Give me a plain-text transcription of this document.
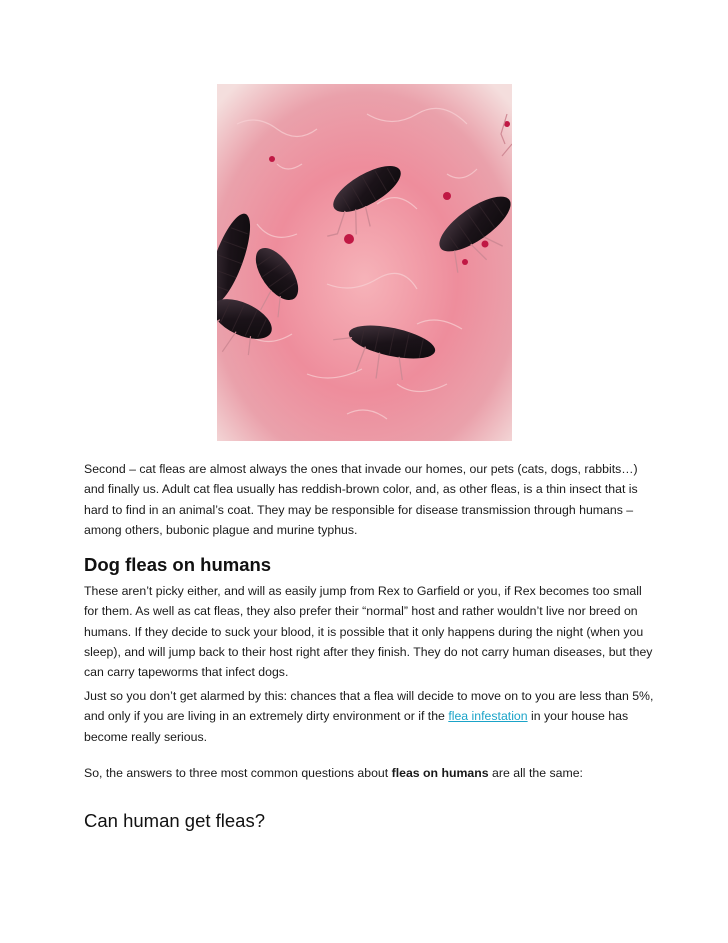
Second – cat fleas are almost always the ones that invade our homes, our pets (cats, dogs, rabbits…) and finally us. Adult cat flea usually has reddish-brown color, and, as other fleas, is a thin insect that is hard to find in an animal’s coat. They may be responsible for disease transmission through humans – among others, bubonic plague and murine typhus.

Dog fleas on humans

These aren’t picky either, and will as easily jump from Rex to Garfield or you, if Rex becomes too small for them. As well as cat fleas, they also prefer their “normal” host and rather wouldn’t live nor breed on humans. If they decide to suck your blood, it is possible that it only happens during the night (when you sleep), and will jump back to their host right after they finish. They do not carry human diseases, but they can carry tapeworms that infect dogs.

Just so you don’t get alarmed by this: chances that a flea will decide to move on to you are less than 5%, and only if you are living in an extremely dirty environment or if the flea infestation in your house has become really serious.

So, the answers to three most common questions about fleas on humans are all the same:

Can human get fleas?
